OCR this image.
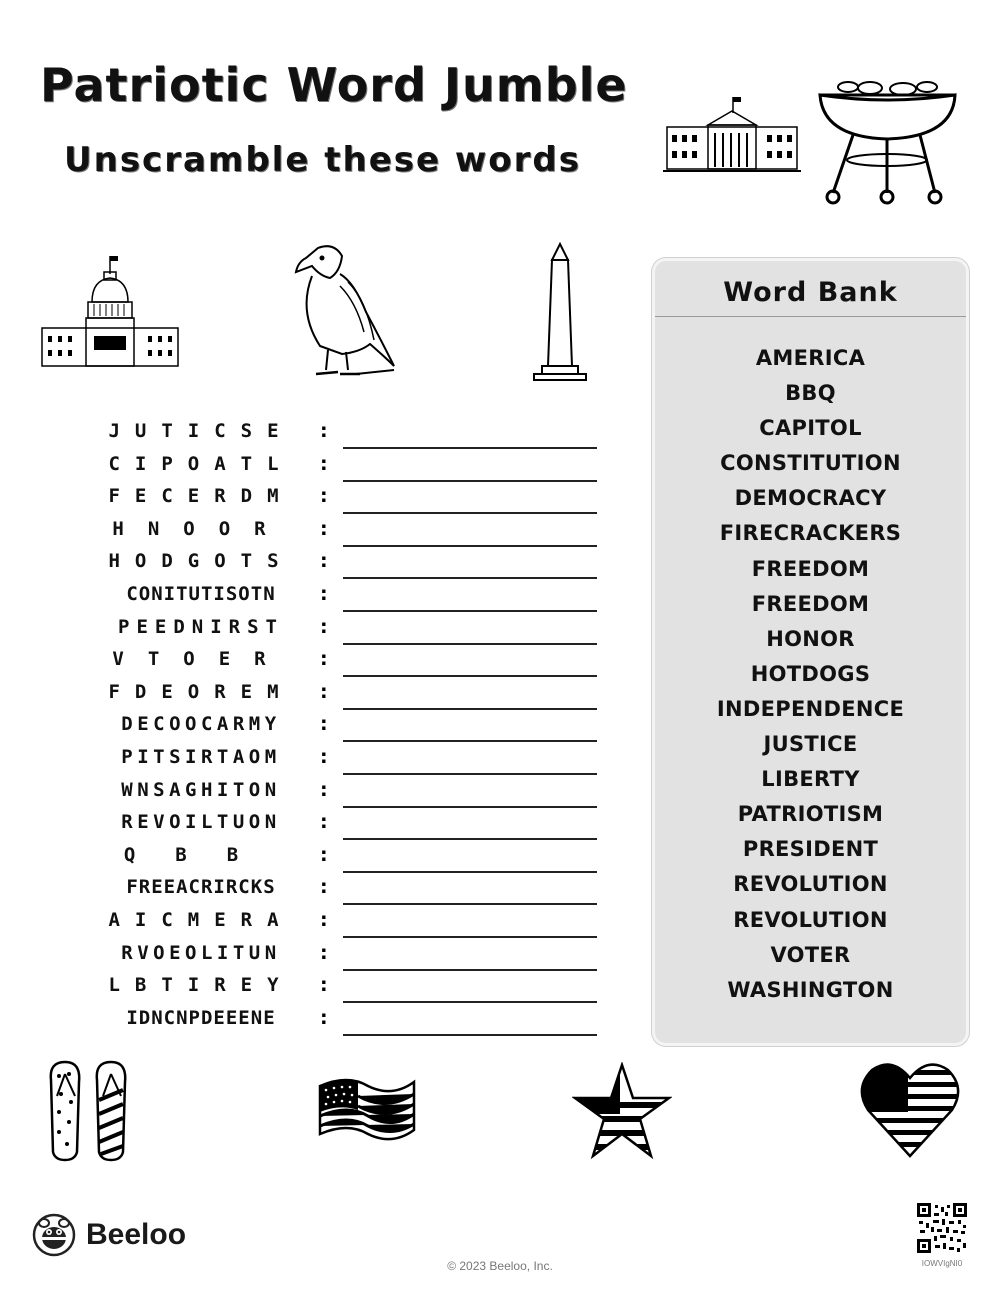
Patriotic Word Jumble
Unscramble these words
JUTICSE :
CIPOATL :
FECERDM :
HNOOR :
HODGOTS :
CONITUTISOTN :
PEEDNIRST :
VTOER :
FDEOREM :
DECOOCARMY :
PITSIRTAOM :
WNSAGHITON :
REVOILTUON :
QBB :
FREEACRIRCKS :
AICMERA :
RVOEOLITUN :
LBTIREY :
IDNCNPDEEENE :
Word Bank
AMERICA
BBQ
CAPITOL
CONSTITUTION
DEMOCRACY
FIRECRACKERS
FREEDOM
FREEDOM
HONOR
HOTDOGS
INDEPENDENCE
JUSTICE
LIBERTY
PATRIOTISM
PRESIDENT
REVOLUTION
REVOLUTION
VOTER
WASHINGTON
Beeloo
© 2023 Beeloo, Inc.	IOWVIgNI0
